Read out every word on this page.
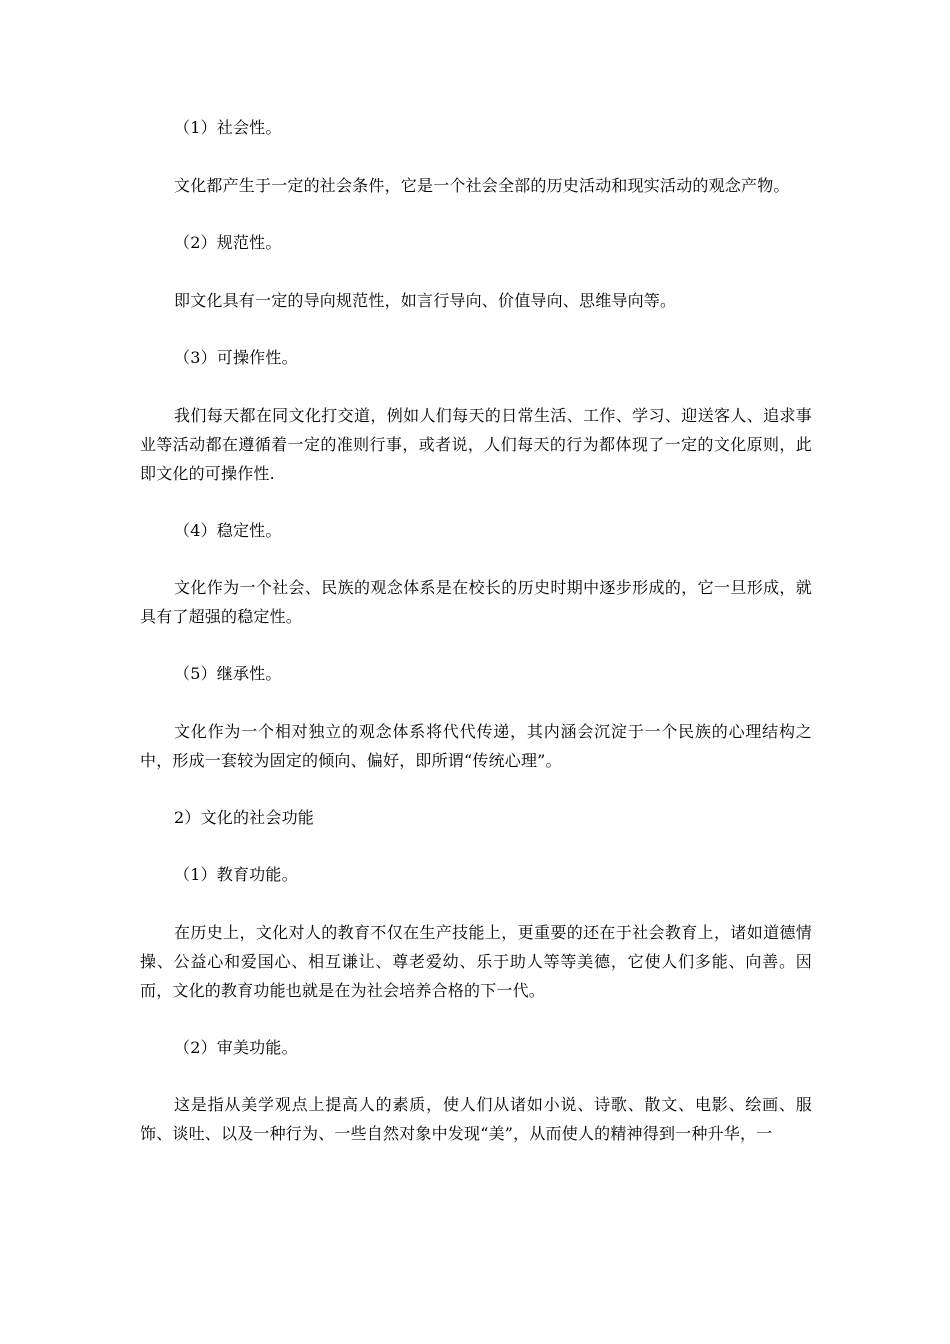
（1）社会性。
文化都产生于一定的社会条件，它是一个社会全部的历史活动和现实活动的观念产物。
（2）规范性。
即文化具有一定的导向规范性，如言行导向、价值导向、思维导向等。
（3）可操作性。
我们每天都在同文化打交道，例如人们每天的日常生活、工作、学习、迎送客人、追求事业等活动都在遵循着一定的准则行事，或者说，人们每天的行为都体现了一定的文化原则，此即文化的可操作性.
（4）稳定性。
文化作为一个社会、民族的观念体系是在校长的历史时期中逐步形成的，它一旦形成，就具有了超强的稳定性。
（5）继承性。
文化作为一个相对独立的观念体系将代代传递，其内涵会沉淀于一个民族的心理结构之中，形成一套较为固定的倾向、偏好，即所谓“传统心理”。
2）文化的社会功能
（1）教育功能。
在历史上，文化对人的教育不仅在生产技能上，更重要的还在于社会教育上，诸如道德情操、公益心和爱国心、相互谦让、尊老爱幼、乐于助人等等美德，它使人们多能、向善。因而，文化的教育功能也就是在为社会培养合格的下一代。
（2）审美功能。
这是指从美学观点上提高人的素质，使人们从诸如小说、诗歌、散文、电影、绘画、服饰、谈吐、以及一种行为、一些自然对象中发现“美”，从而使人的精神得到一种升华，一
